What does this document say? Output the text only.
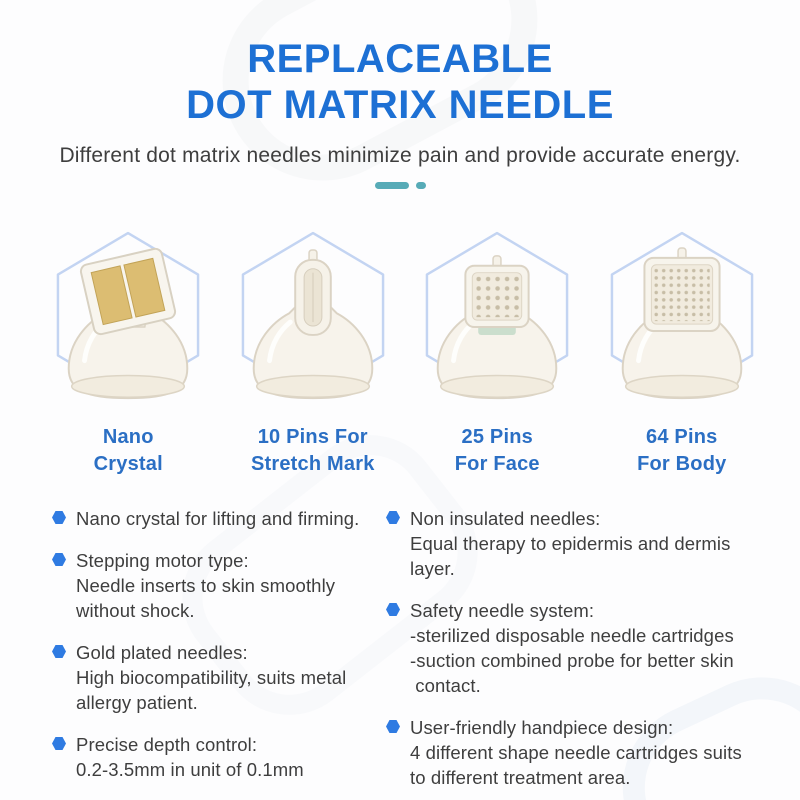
REPLACEABLE
DOT MATRIX NEEDLE
Different dot matrix needles minimize pain and provide accurate energy.
Nano
Crystal
10 Pins For
Stretch Mark
25 Pins
For Face
64 Pins
For Body
Nano crystal for lifting and firming.
Stepping motor type:
Needle inserts to skin smoothly
without shock.
Gold plated needles:
High biocompatibility, suits metal
allergy patient.
Precise depth control:
0.2-3.5mm in unit of 0.1mm
Non insulated needles:
Equal therapy to epidermis and dermis
layer.
Safety needle system:
-sterilized disposable needle cartridges
-suction combined probe for better skin
contact.
User-friendly handpiece design:
4 different shape needle cartridges suits
to different treatment area.
